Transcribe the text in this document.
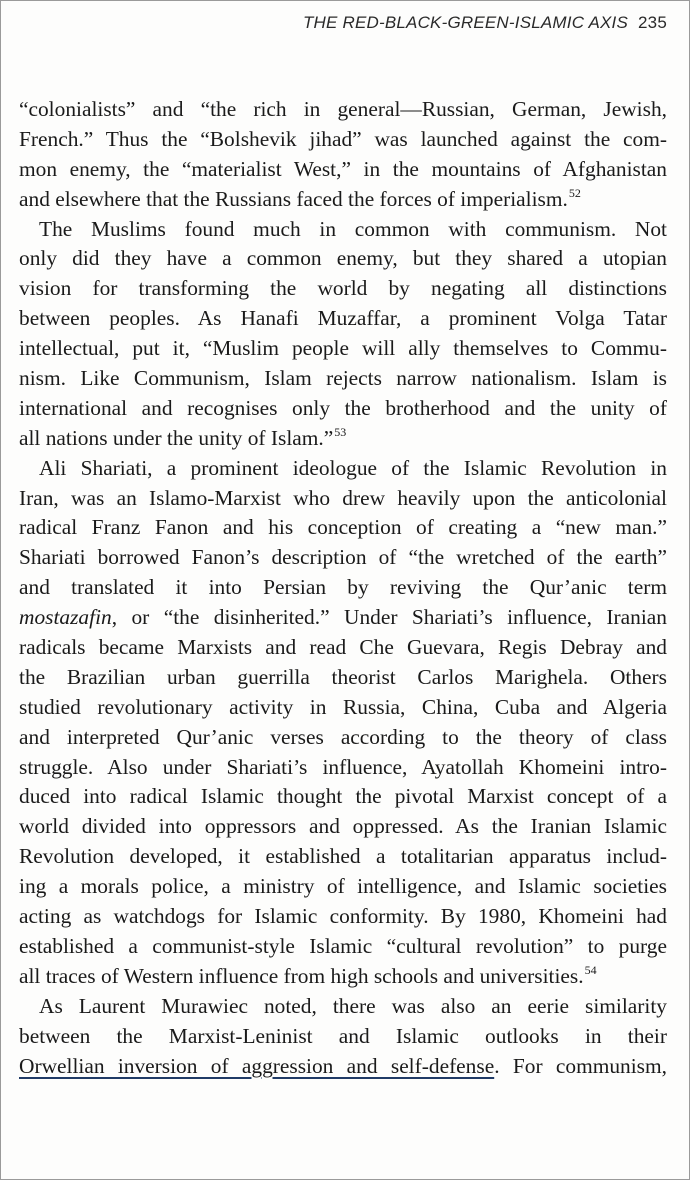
THE RED-BLACK-GREEN-ISLAMIC AXIS 235
“colonialists” and “the rich in general—Russian, German, Jewish,
French.” Thus the “Bolshevik jihad” was launched against the com-
mon enemy, the “materialist West,” in the mountains of Afghanistan
and elsewhere that the Russians faced the forces of imperialism.$^{52}$
The Muslims found much in common with communism. Not
only did they have a common enemy, but they shared a utopian
vision for transforming the world by negating all distinctions
between peoples. As Hanafi Muzaffar, a prominent Volga Tatar
intellectual, put it, “Muslim people will ally themselves to Commu-
nism. Like Communism, Islam rejects narrow nationalism. Islam is
international and recognises only the brotherhood and the unity of
all nations under the unity of Islam.”$^{53}$
Ali Shariati, a prominent ideologue of the Islamic Revolution in
Iran, was an Islamo-Marxist who drew heavily upon the anticolonial
radical Franz Fanon and his conception of creating a “new man.”
Shariati borrowed Fanon’s description of “the wretched of the earth”
and translated it into Persian by reviving the Qur’anic term
mostazafin, or “the disinherited.” Under Shariati’s influence, Iranian
radicals became Marxists and read Che Guevara, Regis Debray and
the Brazilian urban guerrilla theorist Carlos Marighela. Others
studied revolutionary activity in Russia, China, Cuba and Algeria
and interpreted Qur’anic verses according to the theory of class
struggle. Also under Shariati’s influence, Ayatollah Khomeini intro-
duced into radical Islamic thought the pivotal Marxist concept of a
world divided into oppressors and oppressed. As the Iranian Islamic
Revolution developed, it established a totalitarian apparatus includ-
ing a morals police, a ministry of intelligence, and Islamic societies
acting as watchdogs for Islamic conformity. By 1980, Khomeini had
established a communist-style Islamic “cultural revolution” to purge
all traces of Western influence from high schools and universities.$^{54}$
As Laurent Murawiec noted, there was also an eerie similarity
between the Marxist-Leninist and Islamic outlooks in their
Orwellian inversion of aggression and self-defense. For communism,
